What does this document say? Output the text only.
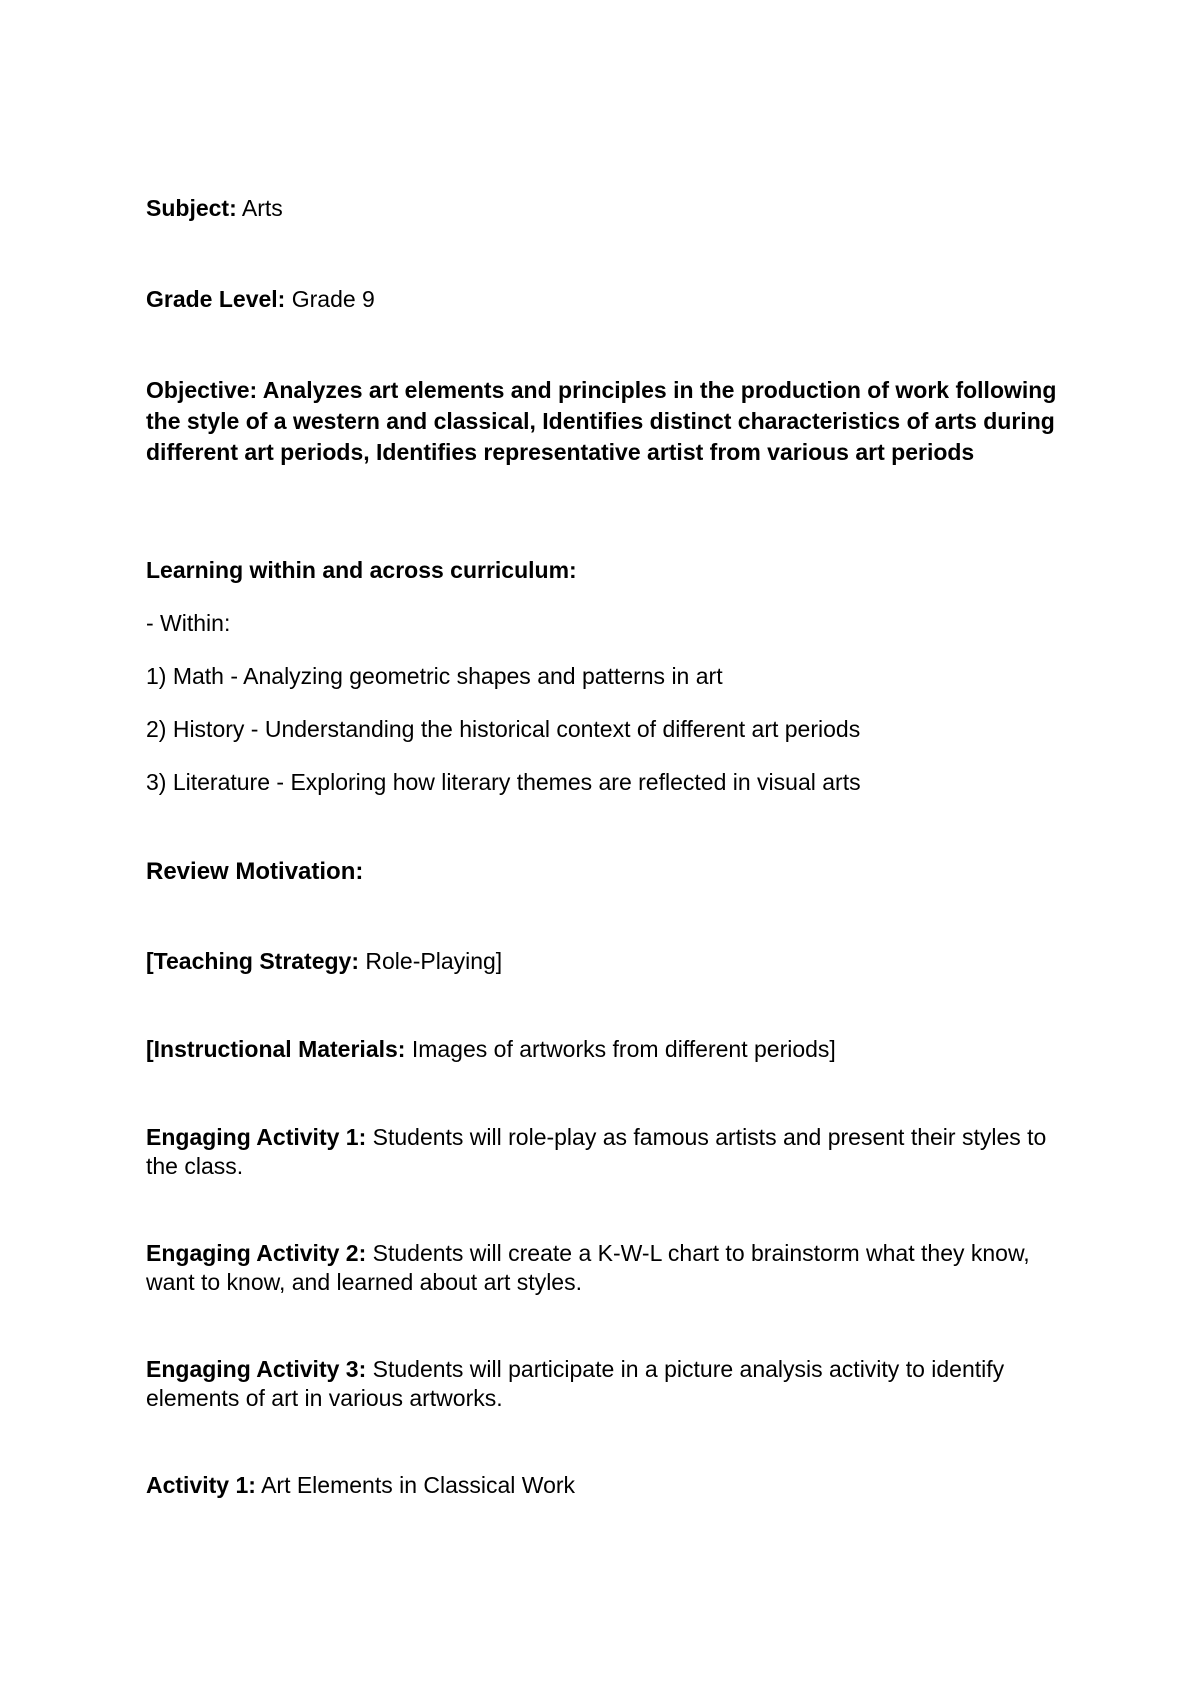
Subject: Arts
Grade Level: Grade 9
Objective: Analyzes art elements and principles in the production of work following the style of a western and classical, Identifies distinct characteristics of arts during different art periods, Identifies representative artist from various art periods
Learning within and across curriculum:
- Within:
1) Math - Analyzing geometric shapes and patterns in art
2) History - Understanding the historical context of different art periods
3) Literature - Exploring how literary themes are reflected in visual arts
Review Motivation:
[Teaching Strategy: Role-Playing]
[Instructional Materials: Images of artworks from different periods]
Engaging Activity 1: Students will role-play as famous artists and present their styles to the class.
Engaging Activity 2: Students will create a K-W-L chart to brainstorm what they know, want to know, and learned about art styles.
Engaging Activity 3: Students will participate in a picture analysis activity to identify elements of art in various artworks.
Activity 1: Art Elements in Classical Work
